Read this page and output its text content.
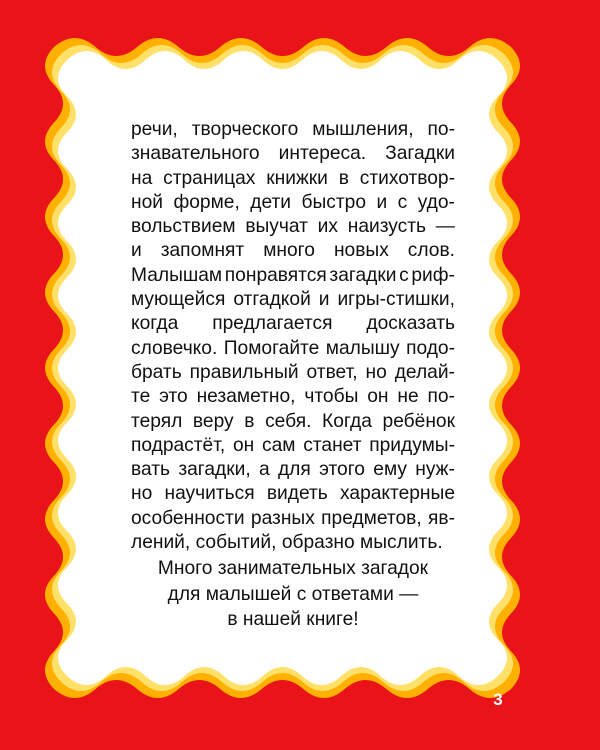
речи, творческого мышления, по-
знавательного интереса. Загадки
на страницах книжки в стихотвор-
ной форме, дети быстро и с удо-
вольствием выучат их наизусть —
и запомнят много новых слов.
Малышам понравятся загадки с риф-
мующейся отгадкой и игры-стишки,
когда предлагается досказать
словечко. Помогайте малышу подо-
брать правильный ответ, но делай-
те это незаметно, чтобы он не по-
терял веру в себя. Когда ребёнок
подрастёт, он сам станет придумы-
вать загадки, а для этого ему нуж-
но научиться видеть характерные
особенности разных предметов, яв-
лений, событий, образно мыслить.
Много занимательных загадок
для малышей с ответами —
в нашей книге!
3
